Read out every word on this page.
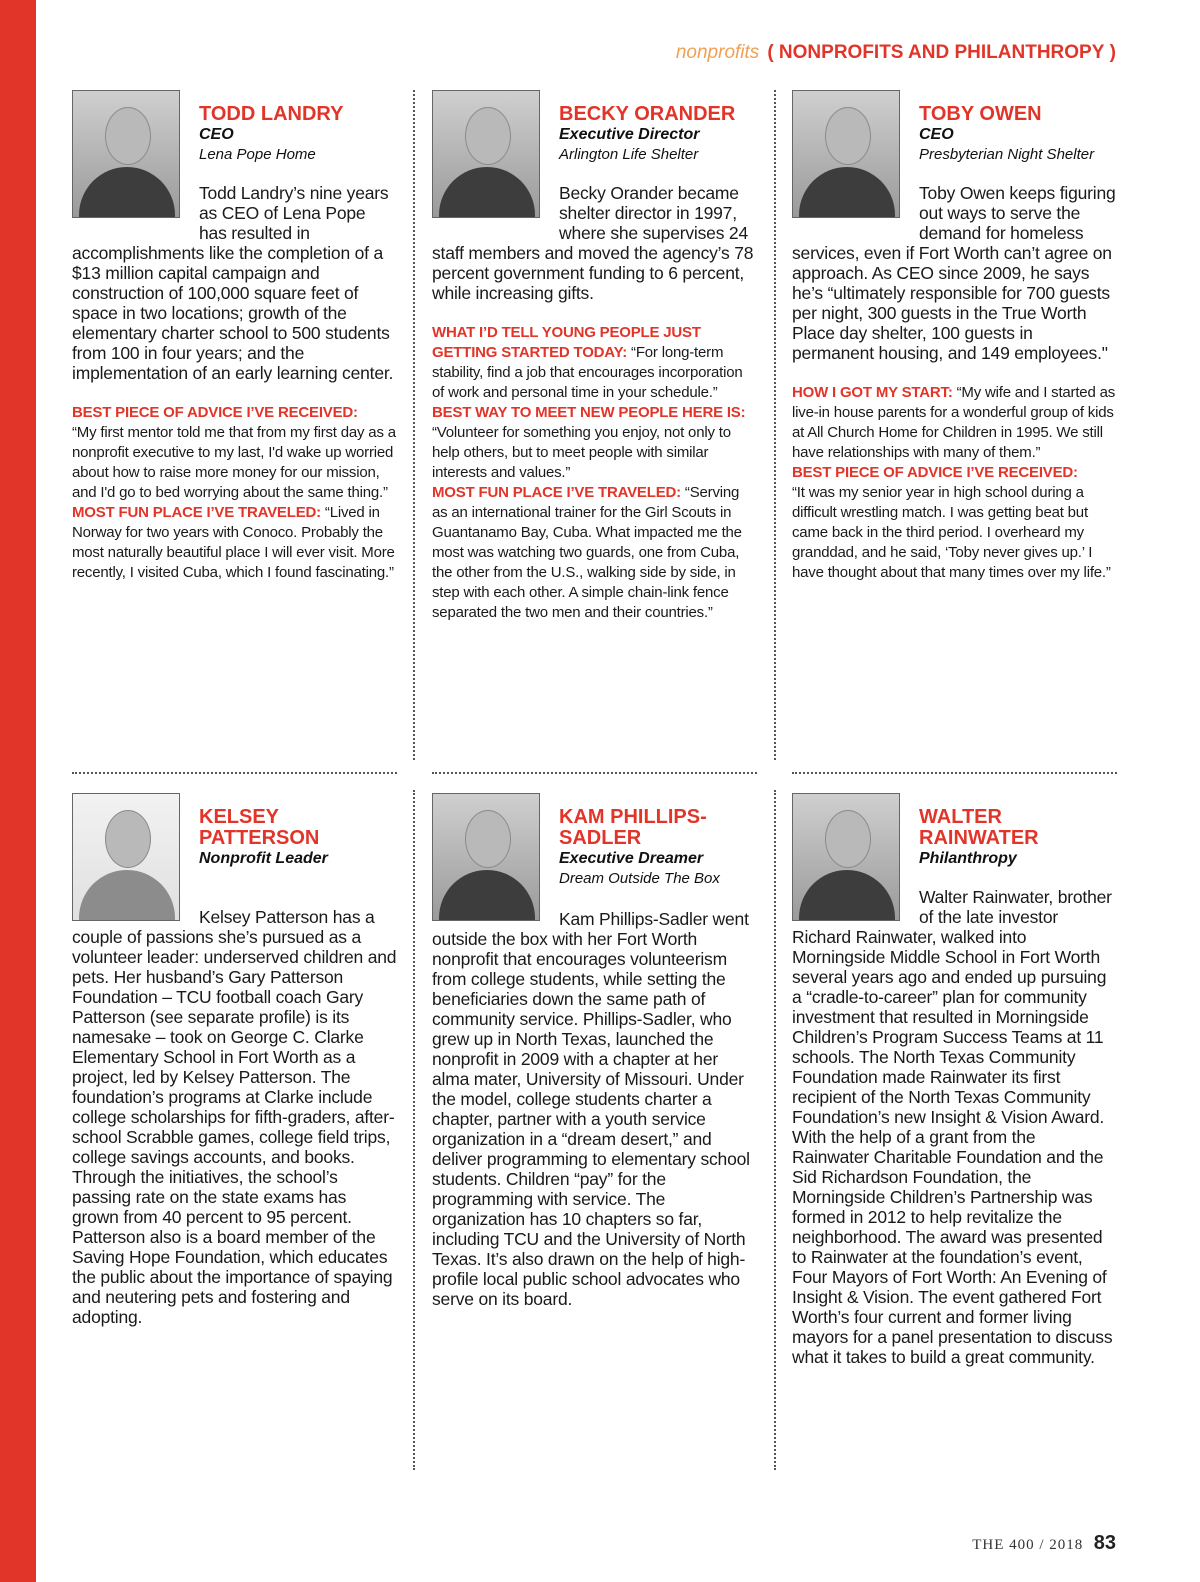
nonprofits ( NONPROFITS AND PHILANTHROPY )
TODD LANDRY
CEO
Lena Pope Home
Todd Landry’s nine years as CEO of Lena Pope has resulted in accomplishments like the completion of a $13 million capital campaign and construction of 100,000 square feet of space in two locations; growth of the elementary charter school to 500 students from 100 in four years; and the implementation of an early learning center.
BEST PIECE OF ADVICE I’VE RECEIVED:
“My first mentor told me that from my first day as a nonprofit executive to my last, I'd wake up worried about how to raise more money for our mission, and I'd go to bed worrying about the same thing.”
MOST FUN PLACE I’VE TRAVELED: “Lived in Norway for two years with Conoco. Probably the most naturally beautiful place I will ever visit. More recently, I visited Cuba, which I found fascinating.”
BECKY ORANDER
Executive Director
Arlington Life Shelter
Becky Orander became shelter director in 1997, where she supervises 24 staff members and moved the agency’s 78 percent government funding to 6 percent, while increasing gifts.
WHAT I’D TELL YOUNG PEOPLE JUST GETTING STARTED TODAY: “For long-term stability, find a job that encourages incorporation of work and personal time in your schedule.”
BEST WAY TO MEET NEW PEOPLE HERE IS: “Volunteer for something you enjoy, not only to help others, but to meet people with similar interests and values.”
MOST FUN PLACE I’VE TRAVELED: “Serving as an international trainer for the Girl Scouts in Guantanamo Bay, Cuba. What impacted me the most was watching two guards, one from Cuba, the other from the U.S., walking side by side, in step with each other. A simple chain-link fence separated the two men and their countries.”
TOBY OWEN
CEO
Presbyterian Night Shelter
Toby Owen keeps figuring out ways to serve the demand for homeless services, even if Fort Worth can’t agree on approach. As CEO since 2009, he says he’s “ultimately responsible for 700 guests per night, 300 guests in the True Worth Place day shelter, 100 guests in permanent housing, and 149 employees."
HOW I GOT MY START: “My wife and I started as live-in house parents for a wonderful group of kids at All Church Home for Children in 1995. We still have relationships with many of them.”
BEST PIECE OF ADVICE I’VE RECEIVED:
“It was my senior year in high school during a difficult wrestling match. I was getting beat but came back in the third period. I overheard my granddad, and he said, ‘Toby never gives up.’ I have thought about that many times over my life.”
KELSEY PATTERSON
Nonprofit Leader
Kelsey Patterson has a couple of passions she’s pursued as a volunteer leader: underserved children and pets. Her husband’s Gary Patterson Foundation – TCU football coach Gary Patterson (see separate profile) is its namesake – took on George C. Clarke Elementary School in Fort Worth as a project, led by Kelsey Patterson. The foundation’s programs at Clarke include college scholarships for fifth-graders, after-school Scrabble games, college field trips, college savings accounts, and books. Through the initiatives, the school’s passing rate on the state exams has grown from 40 percent to 95 percent. Patterson also is a board member of the Saving Hope Foundation, which educates the public about the importance of spaying and neutering pets and fostering and adopting.
KAM PHILLIPS-SADLER
Executive Dreamer
Dream Outside The Box
Kam Phillips-Sadler went outside the box with her Fort Worth nonprofit that encourages volunteerism from college students, while setting the beneficiaries down the same path of community service. Phillips-Sadler, who grew up in North Texas, launched the nonprofit in 2009 with a chapter at her alma mater, University of Missouri. Under the model, college students charter a chapter, partner with a youth service organization in a “dream desert,” and deliver programming to elementary school students. Children “pay” for the programming with service. The organization has 10 chapters so far, including TCU and the University of North Texas. It’s also drawn on the help of high-profile local public school advocates who serve on its board.
WALTER RAINWATER
Philanthropy
Walter Rainwater, brother of the late investor Richard Rainwater, walked into Morningside Middle School in Fort Worth several years ago and ended up pursuing a “cradle-to-career” plan for community investment that resulted in Morningside Children’s Program Success Teams at 11 schools. The North Texas Community Foundation made Rainwater its first recipient of the North Texas Community Foundation’s new Insight & Vision Award. With the help of a grant from the Rainwater Charitable Foundation and the Sid Richardson Foundation, the Morningside Children’s Partnership was formed in 2012 to help revitalize the neighborhood. The award was presented to Rainwater at the foundation’s event, Four Mayors of Fort Worth: An Evening of Insight & Vision. The event gathered Fort Worth’s four current and former living mayors for a panel presentation to discuss what it takes to build a great community.
THE 400 / 2018 83
